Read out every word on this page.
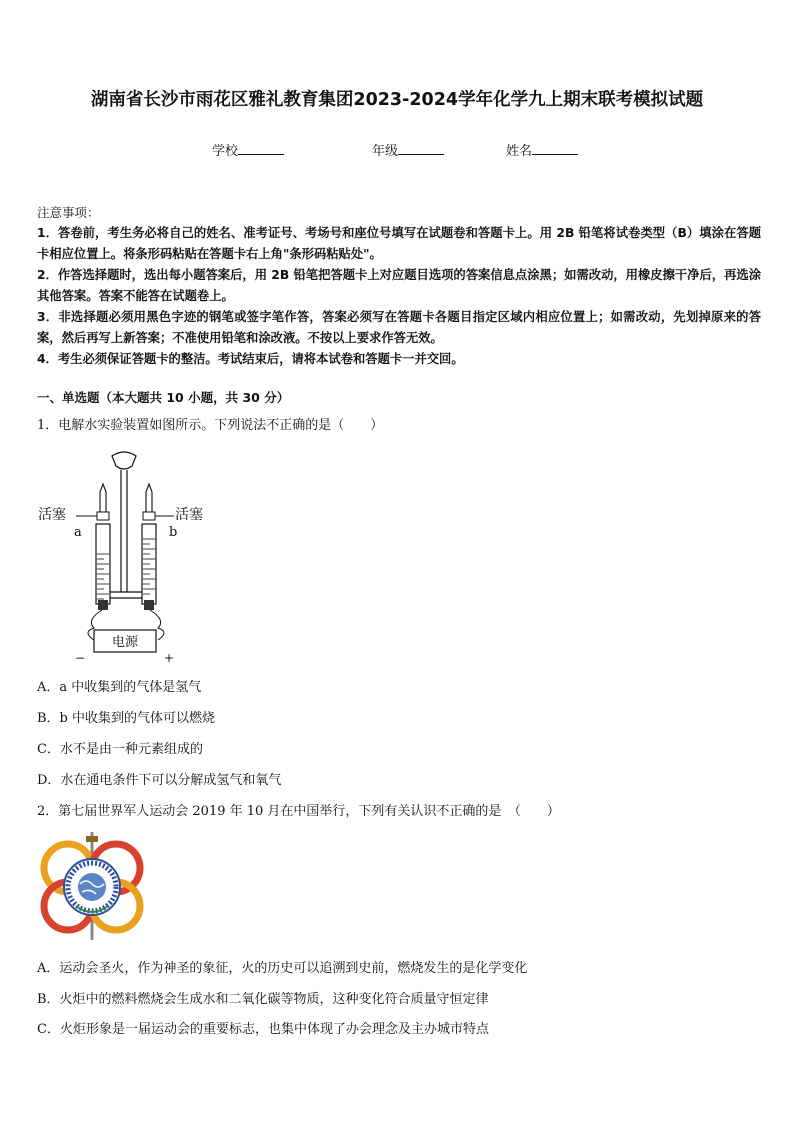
湖南省长沙市雨花区雅礼教育集团2023-2024学年化学九上期末联考模拟试题
学校	年级	姓名

注意事项：

1．答卷前，考生务必将自己的姓名、准考证号、考场号和座位号填写在试题卷和答题卡上。用 2B 铅笔将试卷类型（B）填涂在答题卡相应位置上。将条形码粘贴在答题卡右上角"条形码粘贴处"。

2．作答选择题时，选出每小题答案后，用 2B 铅笔把答题卡上对应题目选项的答案信息点涂黑；如需改动，用橡皮擦干净后，再选涂其他答案。答案不能答在试题卷上。

3．非选择题必须用黑色字迹的钢笔或签字笔作答，答案必须写在答题卡各题目指定区域内相应位置上；如需改动，先划掉原来的答案，然后再写上新答案；不准使用铅笔和涂改液。不按以上要求作答无效。

4．考生必须保证答题卡的整洁。考试结束后，请将本试卷和答题卡一并交回。

一、单选题（本大题共 10 小题，共 30 分）
1．电解水实验装置如图所示。下列说法不正确的是（　　）
电源
活塞	活塞
a	b
−	+
A．a 中收集到的气体是氢气
B．b 中收集到的气体可以燃烧
C．水不是由一种元素组成的
D．水在通电条件下可以分解成氢气和氧气
2．第七届世界军人运动会 2019 年 10 月在中国举行，下列有关认识不正确的是　（　　）
A．运动会圣火，作为神圣的象征，火的历史可以追溯到史前，燃烧发生的是化学变化
B．火炬中的燃料燃烧会生成水和二氧化碳等物质，这种变化符合质量守恒定律
C．火炬形象是一届运动会的重要标志，也集中体现了办会理念及主办城市特点
